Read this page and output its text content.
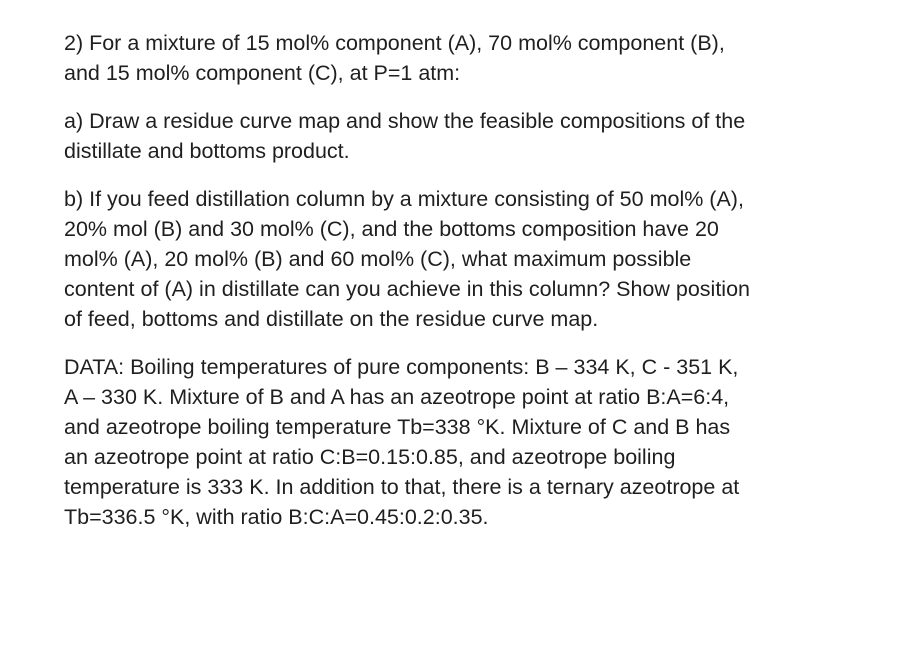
2) For a mixture of 15 mol% component (A), 70 mol% component (B),
and 15 mol% component (C), at P=1 atm:

a) Draw a residue curve map and show the feasible compositions of the
distillate and bottoms product.

b) If you feed distillation column by a mixture consisting of 50 mol% (A),
20% mol (B) and 30 mol% (C), and the bottoms composition have 20
mol% (A), 20 mol% (B) and 60 mol% (C), what maximum possible
content of (A) in distillate can you achieve in this column? Show position
of feed, bottoms and distillate on the residue curve map.

DATA: Boiling temperatures of pure components: B – 334 K, C - 351 K,
A – 330 K. Mixture of B and A has an azeotrope point at ratio B:A=6:4,
and azeotrope boiling temperature Tb=338 °K. Mixture of C and B has
an azeotrope point at ratio C:B=0.15:0.85, and azeotrope boiling
temperature is 333 K. In addition to that, there is a ternary azeotrope at
Tb=336.5 °K, with ratio B:C:A=0.45:0.2:0.35.
